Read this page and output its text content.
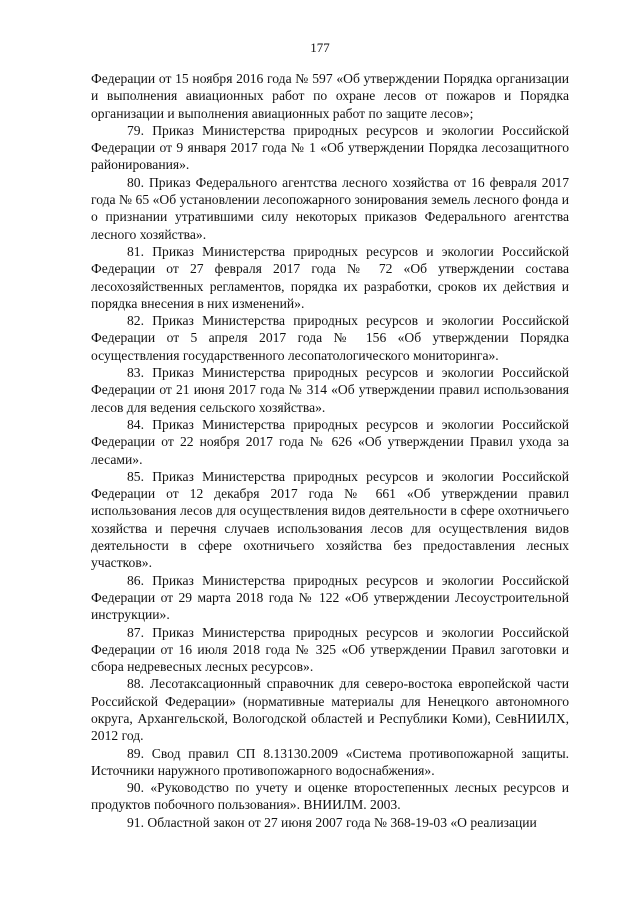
177

Федерации от 15 ноября 2016 года № 597 «Об утверждении Порядка организации и выполнения авиационных работ по охране лесов от пожаров и Порядка организации и выполнения авиационных работ по защите лесов»;

79. Приказ Министерства природных ресурсов и экологии Российской Федерации от 9 января 2017 года № 1 «Об утверждении Порядка лесозащитного районирования».

80. Приказ Федерального агентства лесного хозяйства от 16 февраля 2017 года № 65 «Об установлении лесопожарного зонирования земель лесного фонда и о признании утратившими силу некоторых приказов Федерального агентства лесного хозяйства».

81. Приказ Министерства природных ресурсов и экологии Российской Федерации от 27 февраля 2017 года № 72 «Об утверждении состава лесохозяйственных регламентов, порядка их разработки, сроков их действия и порядка внесения в них изменений».

82. Приказ Министерства природных ресурсов и экологии Российской Федерации от 5 апреля 2017 года № 156 «Об утверждении Порядка осуществления государственного лесопатологического мониторинга».

83. Приказ Министерства природных ресурсов и экологии Российской Федерации от 21 июня 2017 года № 314 «Об утверждении правил использования лесов для ведения сельского хозяйства».

84. Приказ Министерства природных ресурсов и экологии Российской Федерации от 22 ноября 2017 года № 626 «Об утверждении Правил ухода за лесами».

85. Приказ Министерства природных ресурсов и экологии Российской Федерации от 12 декабря 2017 года № 661 «Об утверждении правил использования лесов для осуществления видов деятельности в сфере охотничьего хозяйства и перечня случаев использования лесов для осуществления видов деятельности в сфере охотничьего хозяйства без предоставления лесных участков».

86. Приказ Министерства природных ресурсов и экологии Российской Федерации от 29 марта 2018 года № 122 «Об утверждении Лесоустроительной инструкции».

87. Приказ Министерства природных ресурсов и экологии Российской Федерации от 16 июля 2018 года № 325 «Об утверждении Правил заготовки и сбора недревесных лесных ресурсов».

88. Лесотаксационный справочник для северо-востока европейской части Российской Федерации» (нормативные материалы для Ненецкого автономного округа, Архангельской, Вологодской областей и Республики Коми), СевНИИЛХ, 2012 год.

89. Свод правил СП 8.13130.2009 «Система противопожарной защиты. Источники наружного противопожарного водоснабжения».

90. «Руководство по учету и оценке второстепенных лесных ресурсов и продуктов побочного пользования». ВНИИЛМ. 2003.

91. Областной закон от 27 июня 2007 года № 368-19-03 «О реализации
